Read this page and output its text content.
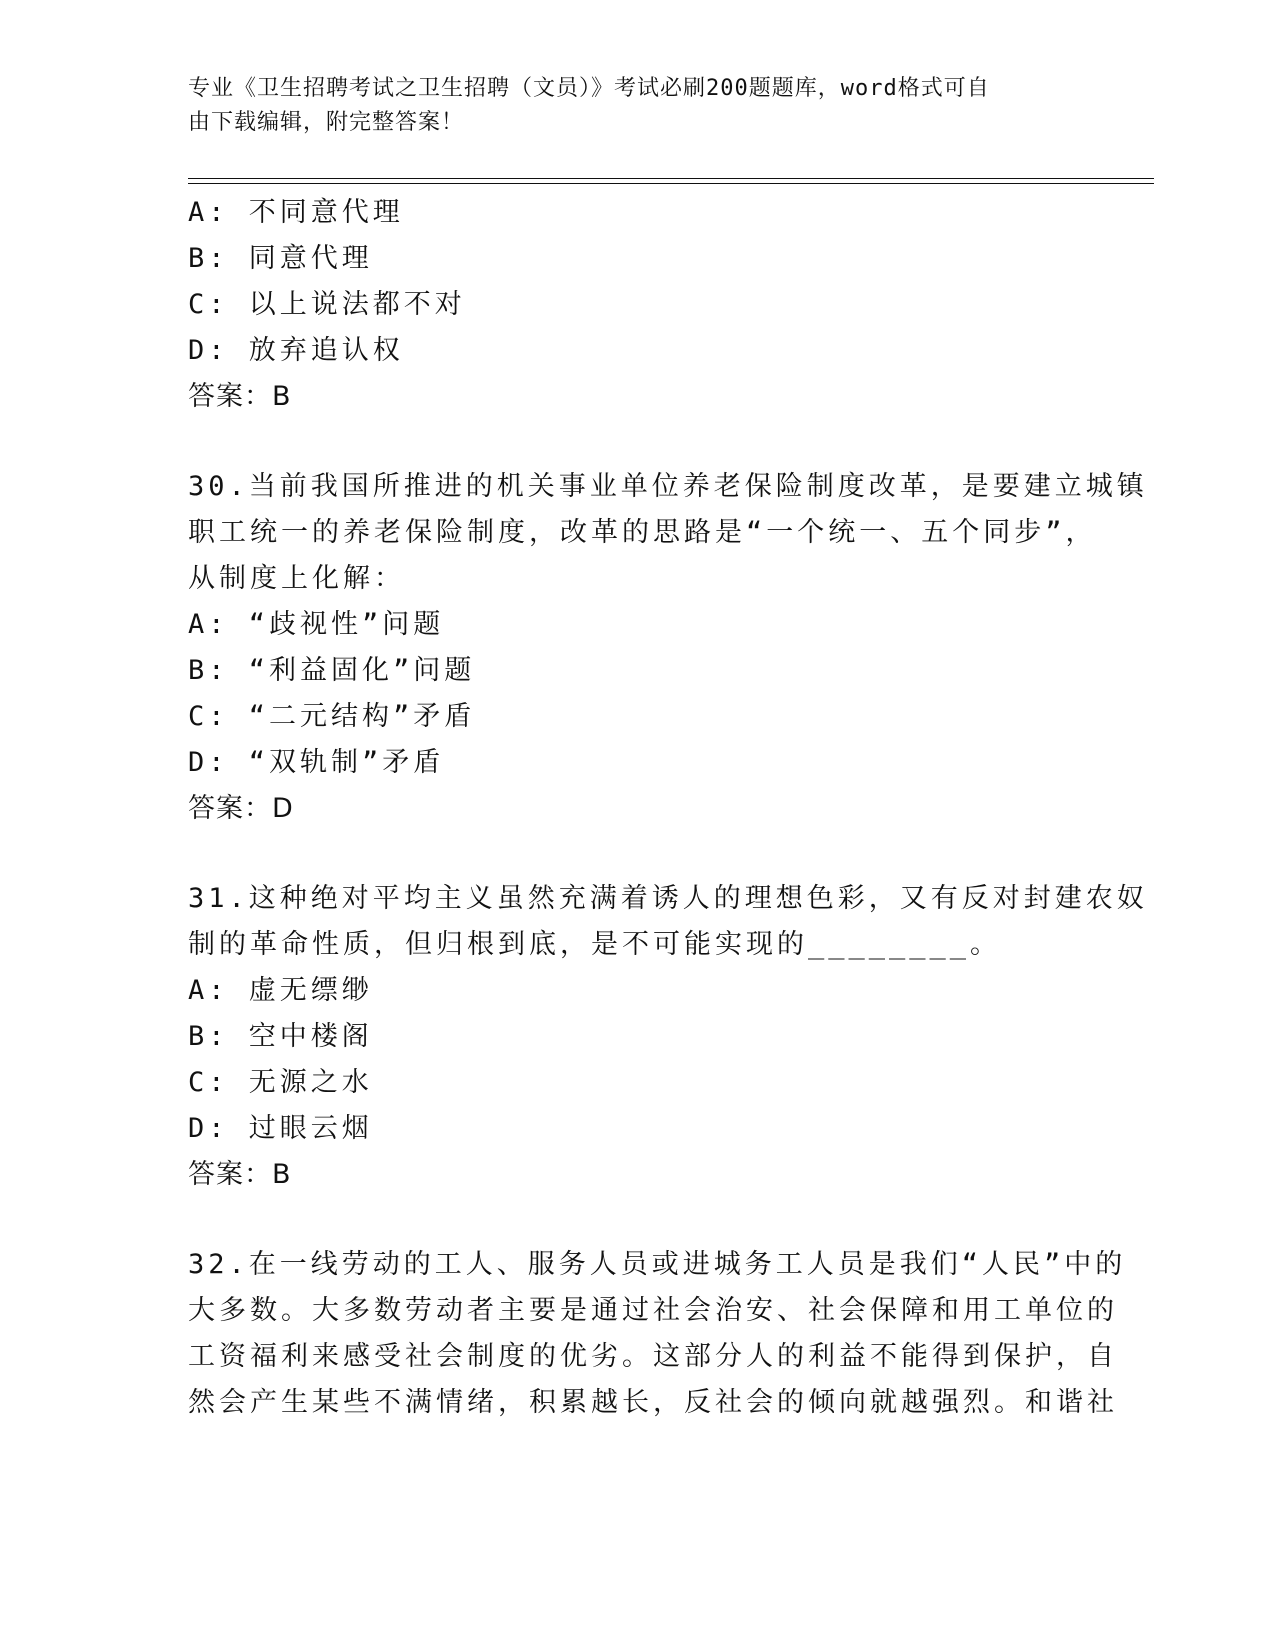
专业《卫生招聘考试之卫生招聘（文员）》考试必刷200题题库，word格式可自
由下载编辑，附完整答案！
A: 不同意代理
B: 同意代理
C: 以上说法都不对
D: 放弃追认权
答案：B
30.当前我国所推进的机关事业单位养老保险制度改革，是要建立城镇
职工统一的养老保险制度，改革的思路是“一个统一、五个同步”，
从制度上化解：
A: “歧视性”问题
B: “利益固化”问题
C: “二元结构”矛盾
D: “双轨制”矛盾
答案：D
31.这种绝对平均主义虽然充满着诱人的理想色彩，又有反对封建农奴
制的革命性质，但归根到底，是不可能实现的________。
A: 虚无缥缈
B: 空中楼阁
C: 无源之水
D: 过眼云烟
答案：B
32.在一线劳动的工人、服务人员或进城务工人员是我们“人民”中的
大多数。大多数劳动者主要是通过社会治安、社会保障和用工单位的
工资福利来感受社会制度的优劣。这部分人的利益不能得到保护，自
然会产生某些不满情绪，积累越长，反社会的倾向就越强烈。和谐社
